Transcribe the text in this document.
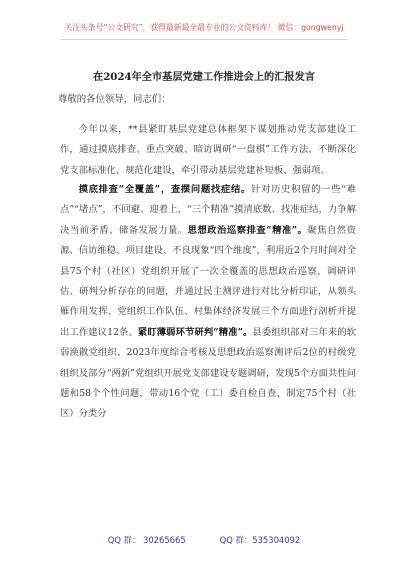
关注头条号“公文研究”，获得最新最全最专业的公文资料库！ 微信：gongwenyj
在2024年全市基层党建工作推进会上的汇报发言
尊敬的各位领导，同志们：

今年以来，**县紧盯基层党建总体框架下谋划推动党支部建设工作，通过摸底排查、重点突破、暗访调研“一盘棋”工作方法，不断深化党支部标准化、规范化建设，牵引带动基层党建补短板、强弱项。

摸底排查“全覆盖”，查摆问题找症结。针对历史积留的一些“难点”“堵点”，不回避、迎着上，“三个精准”摸清底数、找准症结，力争解决当前矛盾、储备发展力量。思想政治巡察排查“精准”。聚焦自然资源、信访维稳、项目建设、不良现象“四个维度”，利用近2个月时间对全县75个村（社区）党组织开展了一次全覆盖的思想政治巡察，调研评估、研判分析存在的问题，并通过民主测评进行对比分析印证，从领头雁作用发挥、党组织工作队伍、村集体经济发展三个方面进行剖析并提出工作建议12条。紧盯薄弱环节研判“精准”。县委组织部对三年来的软弱涣散党组织、2023年度综合考核及思想政治巡察测评后2位的村级党组织及部分“两新”党组织开展党支部建设专题调研，发现5个方面共性问题和58个个性问题，带动16个党（工）委自检自查，制定75个村（社区）分类分

QQ 群： 30265665	QQ 群：535304092
